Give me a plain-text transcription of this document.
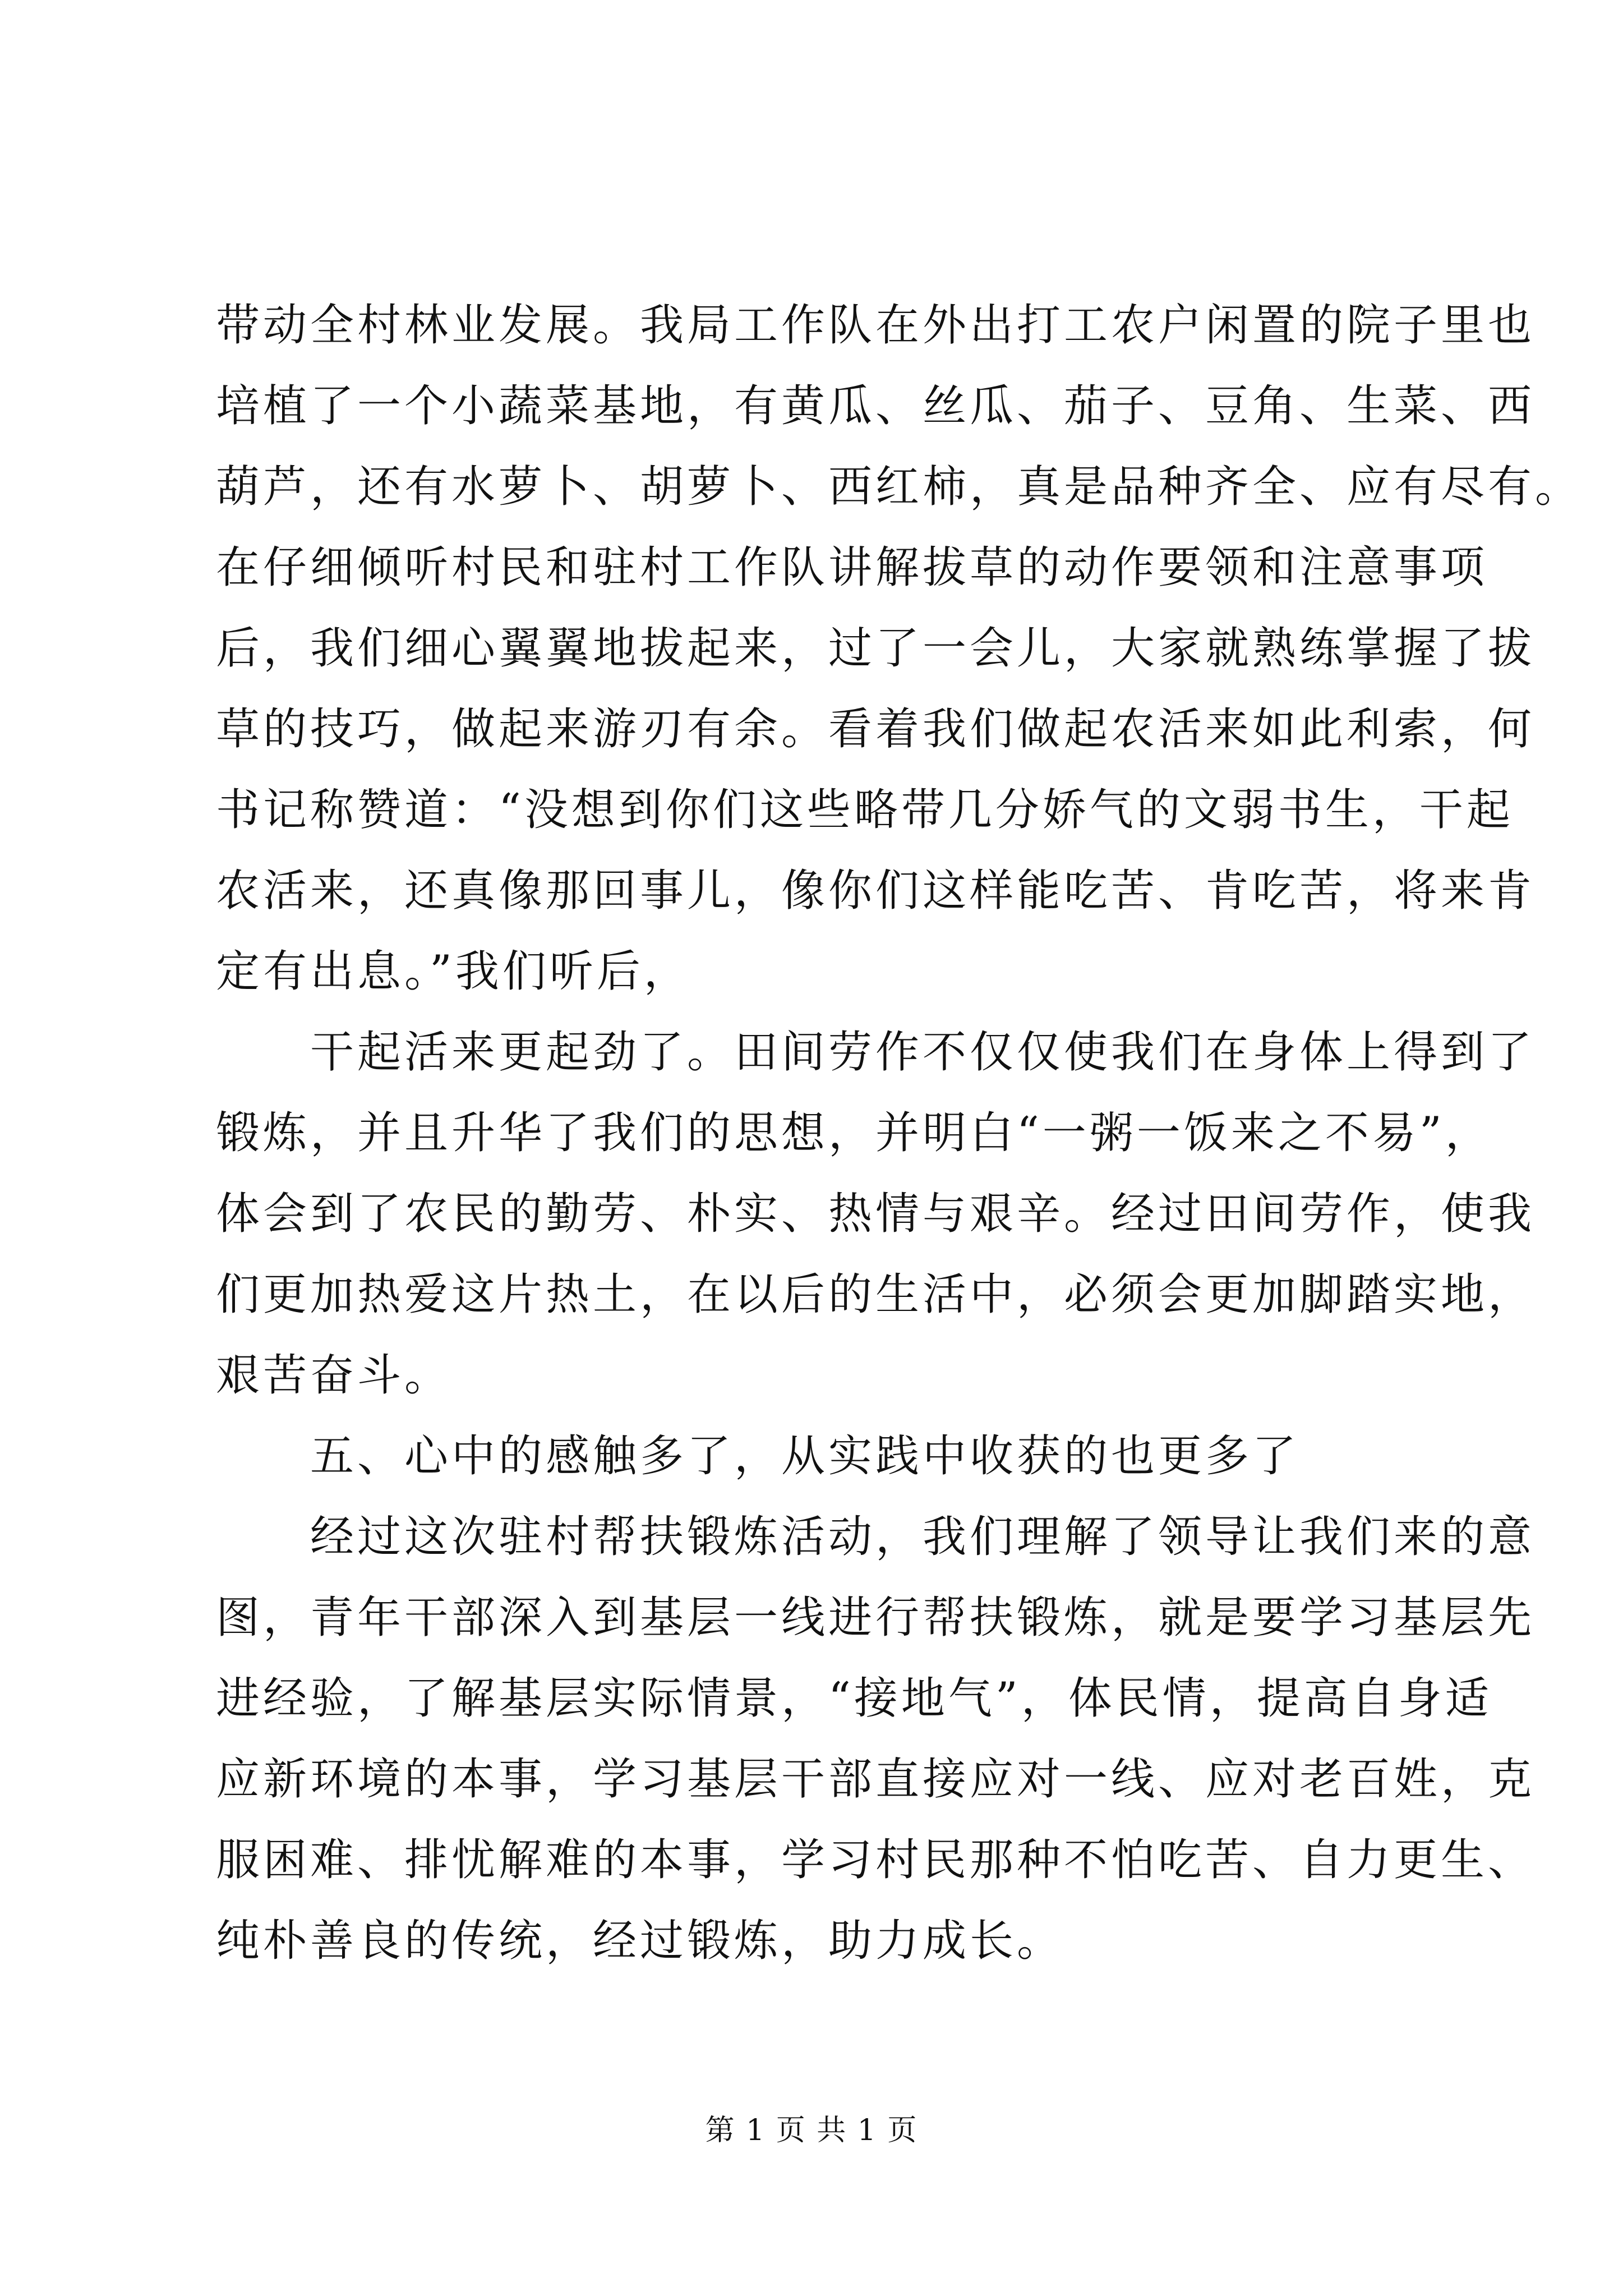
带动全村林业发展。我局工作队在外出打工农户闲置的院子里也
培植了一个小蔬菜基地，有黄瓜、丝瓜、茄子、豆角、生菜、西
葫芦，还有水萝卜、胡萝卜、西红柿，真是品种齐全、应有尽有。
在仔细倾听村民和驻村工作队讲解拔草的动作要领和注意事项
后，我们细心翼翼地拔起来，过了一会儿，大家就熟练掌握了拔
草的技巧，做起来游刃有余。看着我们做起农活来如此利索，何
书记称赞道：“没想到你们这些略带几分娇气的文弱书生，干起
农活来，还真像那回事儿，像你们这样能吃苦、肯吃苦，将来肯
定有出息。”我们听后，
　　干起活来更起劲了。田间劳作不仅仅使我们在身体上得到了
锻炼，并且升华了我们的思想，并明白“一粥一饭来之不易”，
体会到了农民的勤劳、朴实、热情与艰辛。经过田间劳作，使我
们更加热爱这片热土，在以后的生活中，必须会更加脚踏实地，
艰苦奋斗。
　　五、心中的感触多了，从实践中收获的也更多了
　　经过这次驻村帮扶锻炼活动，我们理解了领导让我们来的意
图，青年干部深入到基层一线进行帮扶锻炼，就是要学习基层先
进经验，了解基层实际情景，“接地气”，体民情，提高自身适
应新环境的本事，学习基层干部直接应对一线、应对老百姓，克
服困难、排忧解难的本事，学习村民那种不怕吃苦、自力更生、
纯朴善良的传统，经过锻炼，助力成长。
第 1 页 共 1 页
